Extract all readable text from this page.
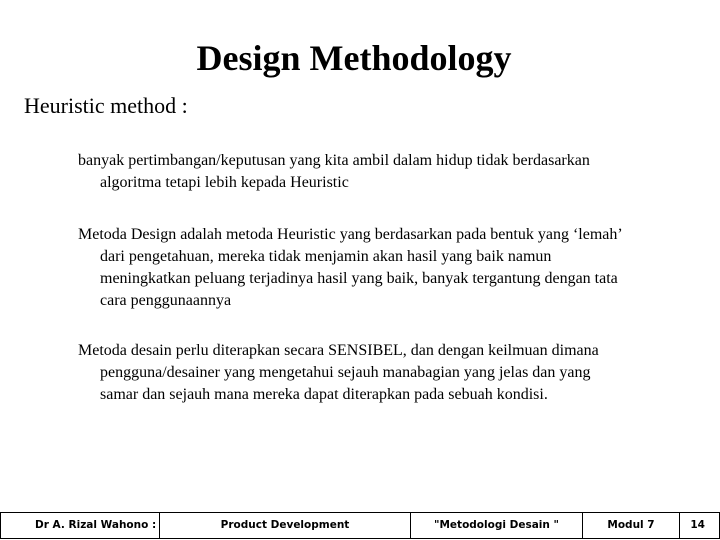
Design Methodology
Heuristic method :
banyak pertimbangan/keputusan yang kita ambil dalam hidup tidak berdasarkan
algoritma tetapi lebih kepada Heuristic
Metoda Design adalah metoda Heuristic yang berdasarkan pada bentuk yang ‘lemah’
dari pengetahuan, mereka tidak menjamin akan hasil yang baik namun
meningkatkan peluang terjadinya hasil yang baik, banyak tergantung dengan tata
cara penggunaannya
Metoda desain perlu diterapkan secara SENSIBEL, dan dengan keilmuan dimana
pengguna/desainer yang mengetahui sejauh manabagian yang jelas dan yang
samar dan sejauh mana mereka dapat diterapkan pada sebuah kondisi.
Dr A. Rizal Wahono :	Product Development	"Metodologi Desain "	Modul 7	14
